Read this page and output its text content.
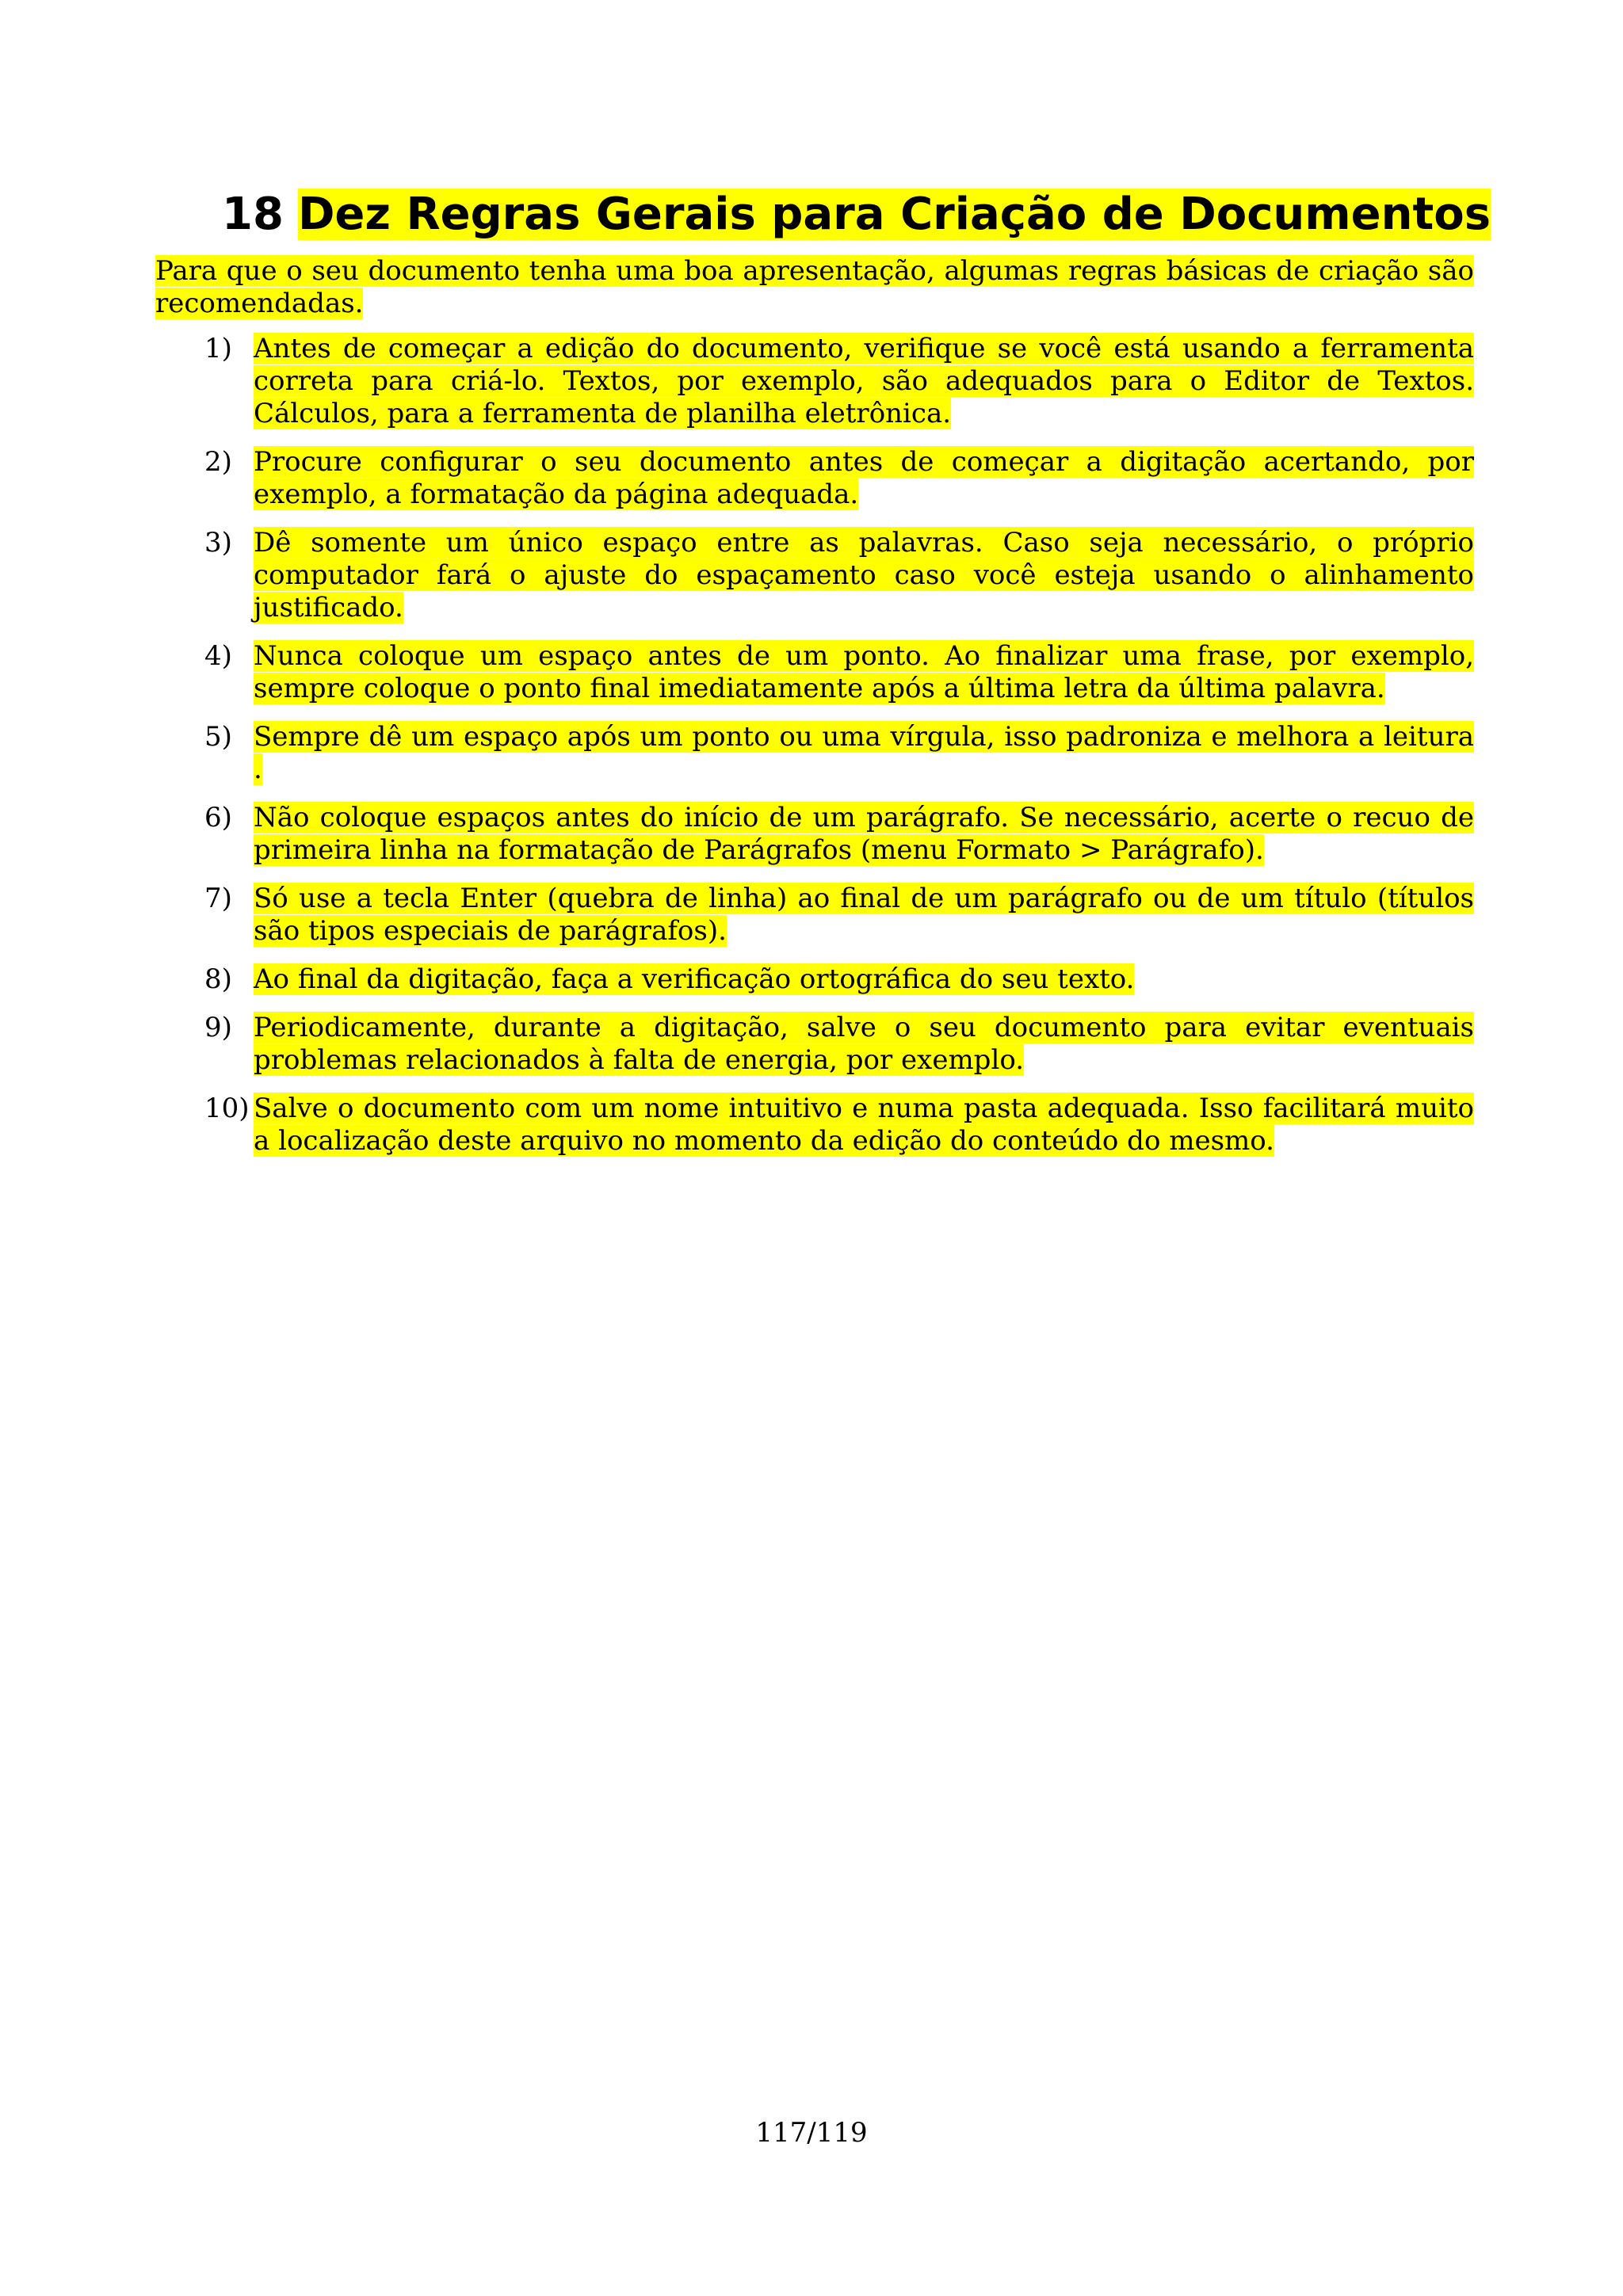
18 Dez Regras Gerais para Criação de Documentos

Para que o seu documento tenha uma boa apresentação, algumas regras básicas de criação são recomendadas.

1) Antes de começar a edição do documento, verifique se você está usando a ferramenta correta para criá-lo. Textos, por exemplo, são adequados para o Editor de Textos. Cálculos, para a ferramenta de planilha eletrônica.
2) Procure configurar o seu documento antes de começar a digitação acertando, por exemplo, a formatação da página adequada.
3) Dê somente um único espaço entre as palavras. Caso seja necessário, o próprio computador fará o ajuste do espaçamento caso você esteja usando o alinhamento justificado.
4) Nunca coloque um espaço antes de um ponto. Ao finalizar uma frase, por exemplo, sempre coloque o ponto final imediatamente após a última letra da última palavra.
5) Sempre dê um espaço após um ponto ou uma vírgula, isso padroniza e melhora a leitura .
6) Não coloque espaços antes do início de um parágrafo. Se necessário, acerte o recuo de primeira linha na formatação de Parágrafos (menu Formato > Parágrafo).
7) Só use a tecla Enter (quebra de linha) ao final de um parágrafo ou de um título (títulos são tipos especiais de parágrafos).
8) Ao final da digitação, faça a verificação ortográfica do seu texto.
9) Periodicamente, durante a digitação, salve o seu documento para evitar eventuais problemas relacionados à falta de energia, por exemplo.
10) Salve o documento com um nome intuitivo e numa pasta adequada. Isso facilitará muito a localização deste arquivo no momento da edição do conteúdo do mesmo.
117/119
